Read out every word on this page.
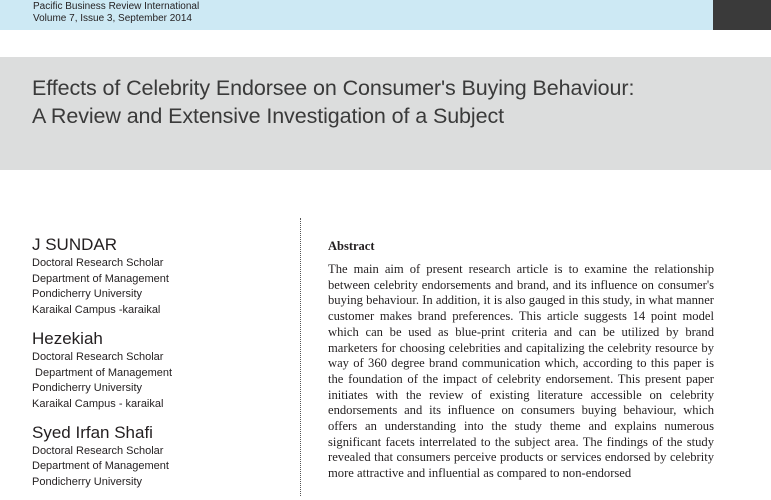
Pacific Business Review International
Volume 7, Issue 3, September 2014
Effects of Celebrity Endorsee on Consumer's Buying Behaviour:
A Review and Extensive Investigation of a Subject
J SUNDAR
Doctoral Research Scholar
Department of Management
Pondicherry University
Karaikal Campus -karaikal
Hezekiah
Doctoral Research Scholar
Department of Management
Pondicherry University
Karaikal Campus - karaikal
Syed Irfan Shafi
Doctoral Research Scholar
Department of Management
Pondicherry University
Abstract

The main aim of present research article is to examine the relationship between celebrity endorsements and brand, and its influence on consumer's buying behaviour. In addition, it is also gauged in this study, in what manner customer makes brand preferences. This article suggests 14 point model which can be used as blue-print criteria and can be utilized by brand marketers for choosing celebrities and capitalizing the celebrity resource by way of 360 degree brand communication which, according to this paper is the foundation of the impact of celebrity endorsement. This present paper initiates with the review of existing literature accessible on celebrity endorsements and its influence on consumers buying behaviour, which offers an understanding into the study theme and explains numerous significant facets interrelated to the subject area. The findings of the study revealed that consumers perceive products or services endorsed by celebrity more attractive and influential as compared to non-endorsed
